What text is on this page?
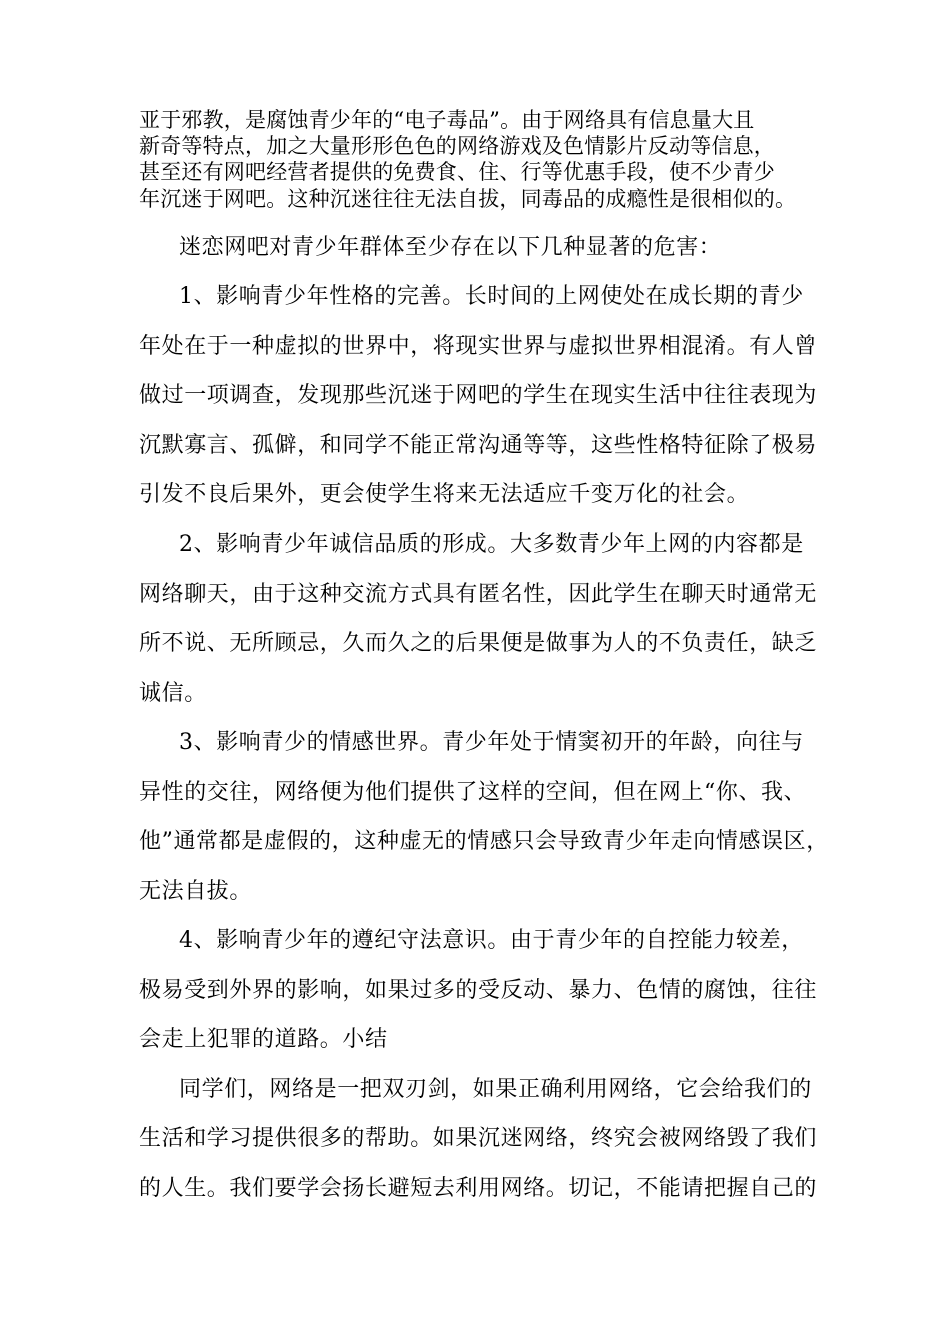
亚于邪教，是腐蚀青少年的“电子毒品”。由于网络具有信息量大且
新奇等特点，加之大量形形色色的网络游戏及色情影片反动等信息，
甚至还有网吧经营者提供的免费食、住、行等优惠手段，使不少青少
年沉迷于网吧。这种沉迷往往无法自拔，同毒品的成瘾性是很相似的。
迷恋网吧对青少年群体至少存在以下几种显著的危害：
1、影响青少年性格的完善。长时间的上网使处在成长期的青少
年处在于一种虚拟的世界中，将现实世界与虚拟世界相混淆。有人曾
做过一项调查，发现那些沉迷于网吧的学生在现实生活中往往表现为
沉默寡言、孤僻，和同学不能正常沟通等等，这些性格特征除了极易
引发不良后果外，更会使学生将来无法适应千变万化的社会。
2、影响青少年诚信品质的形成。大多数青少年上网的内容都是
网络聊天，由于这种交流方式具有匿名性，因此学生在聊天时通常无
所不说、无所顾忌，久而久之的后果便是做事为人的不负责任，缺乏
诚信。
3、影响青少的情感世界。青少年处于情窦初开的年龄，向往与
异性的交往，网络便为他们提供了这样的空间，但在网上“你、我、
他”通常都是虚假的，这种虚无的情感只会导致青少年走向情感误区，
无法自拔。
4、影响青少年的遵纪守法意识。由于青少年的自控能力较差，
极易受到外界的影响，如果过多的受反动、暴力、色情的腐蚀，往往
会走上犯罪的道路。小结
同学们，网络是一把双刃剑，如果正确利用网络，它会给我们的
生活和学习提供很多的帮助。如果沉迷网络，终究会被网络毁了我们
的人生。我们要学会扬长避短去利用网络。切记，不能请把握自己的
